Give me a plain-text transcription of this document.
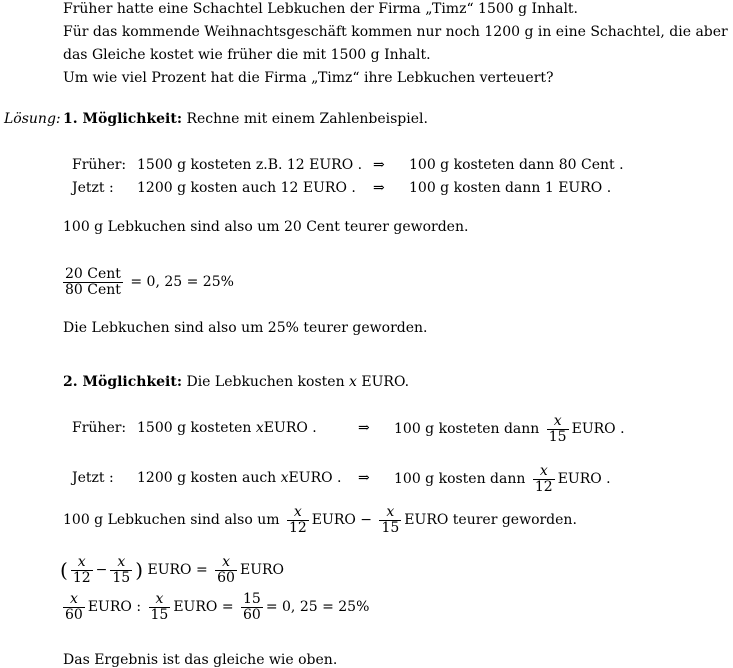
Früher hatte eine Schachtel Lebkuchen der Firma „Timz“ 1500 g Inhalt.
Für das kommende Weihnachtsgeschäft kommen nur noch 1200 g in eine Schachtel, die aber
das Gleiche kostet wie früher die mit 1500 g Inhalt.
Um wie viel Prozent hat die Firma „Timz“ ihre Lebkuchen verteuert?
Lösung: 1. Möglichkeit: Rechne mit einem Zahlenbeispiel.
Früher: 1500 g kosteten z.B. 12 EURO . ⇒ 100 g kosteten dann 80 Cent .
Jetzt : 1200 g kosten auch 12 EURO . ⇒ 100 g kosten dann 1 EURO .
100 g Lebkuchen sind also um 20 Cent teurer geworden.
$\frac{\text{20 Cent}}{\text{80 Cent}} = 0$, 25 = 25%
Die Lebkuchen sind also um 25% teurer geworden.
2. Möglichkeit: Die Lebkuchen kosten x EURO.
Früher: 1500 g kosteten xEURO .	⇒ 100 g kosteten dann $\frac{x}{15}$ EURO .
Jetzt : 1200 g kosten auch xEURO . ⇒ 100 g kosten dann $\frac{x}{12}$ EURO .
100 g Lebkuchen sind also um $\frac{x}{12}$ EURO − $\frac{x}{15}$ EURO teurer geworden.
( $\frac{x}{12} - \frac{x}{15}$ ) EURO = $\frac{x}{60}$ EURO
$\frac{x}{60}$ EURO : $\frac{x}{15}$ EURO = $\frac{15}{60} = 0$, 25 = 25%
Das Ergebnis ist das gleiche wie oben.
